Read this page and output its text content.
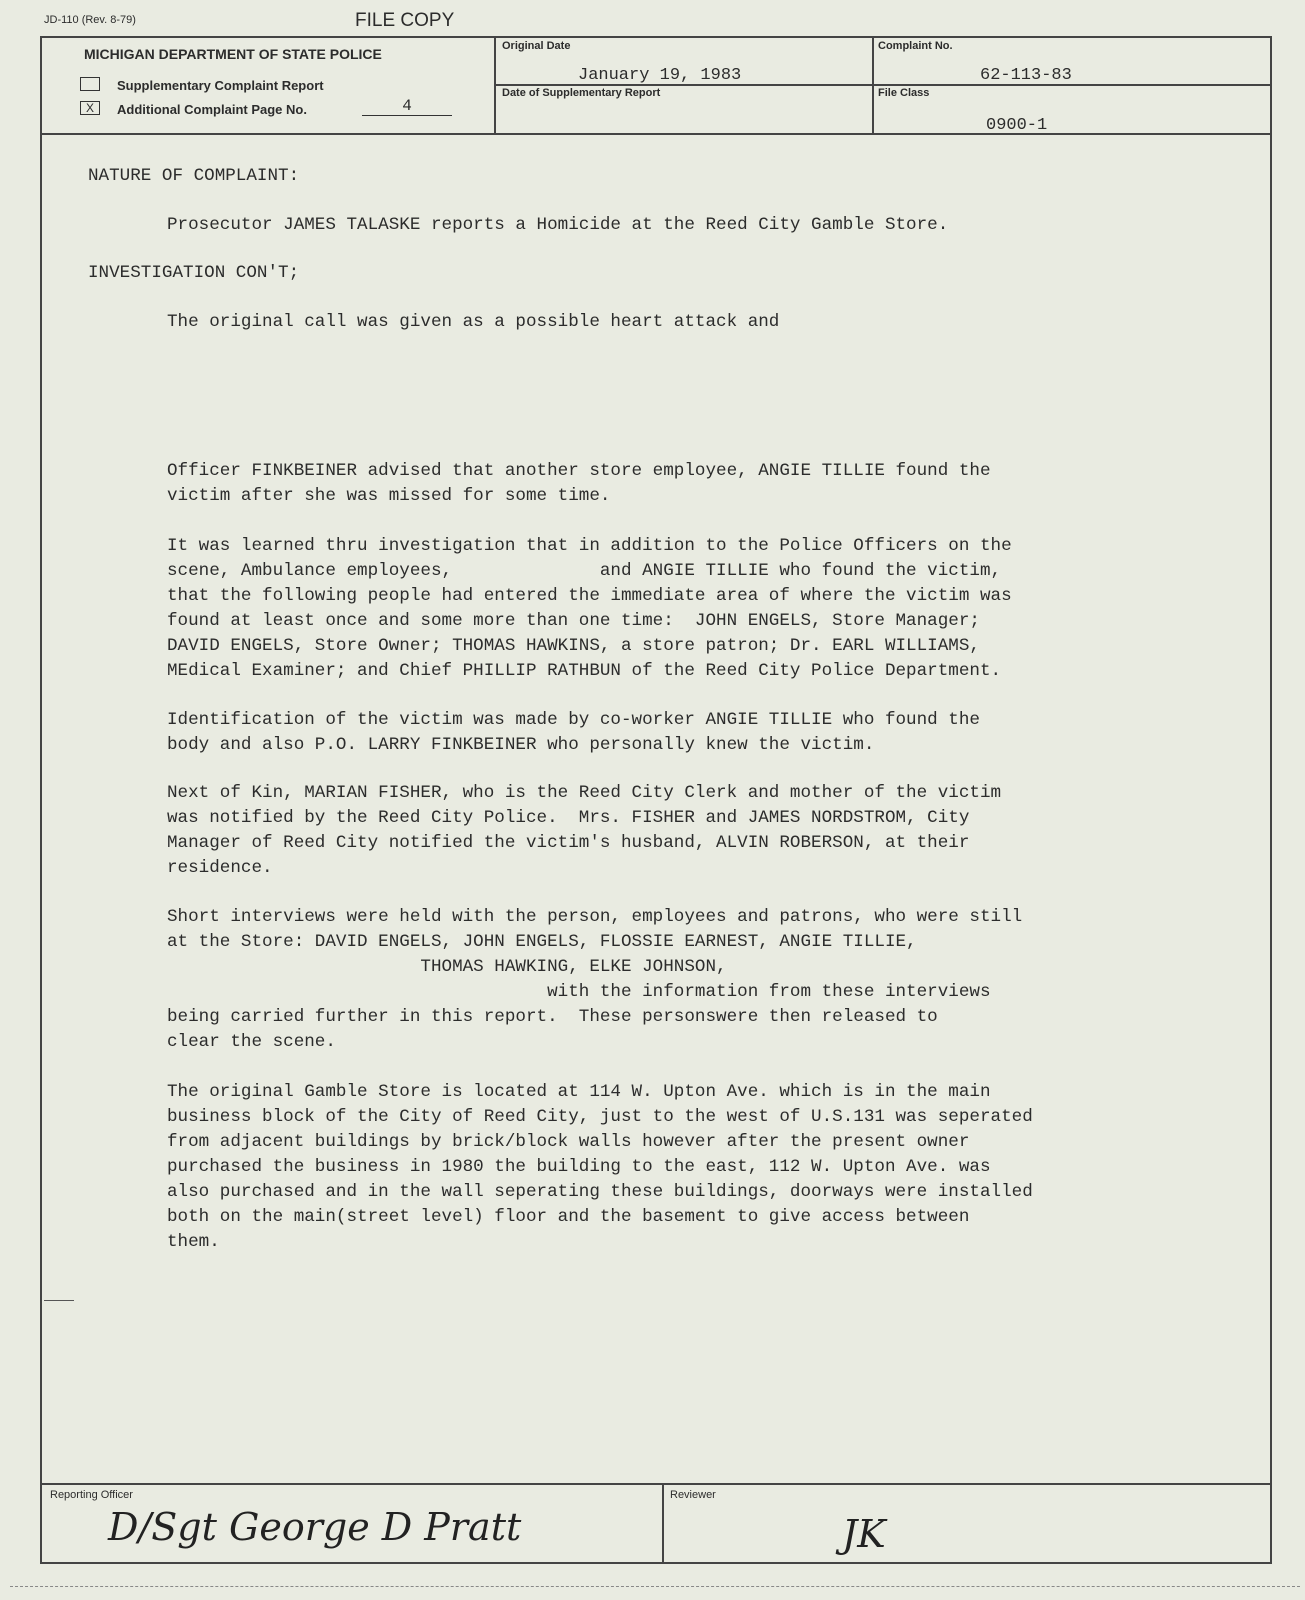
JD-110 (Rev. 8-79)	FILE COPY
MICHIGAN DEPARTMENT OF STATE POLICE
Supplementary Complaint Report
X	Additional Complaint Page No.	4
Original Date
January 19, 1983
Date of Supplementary Report
Complaint No.
62-113-83
File Class
0900-1
NATURE OF COMPLAINT:
Prosecutor JAMES TALASKE reports a Homicide at the Reed City Gamble Store.
INVESTIGATION CON'T;
The original call was given as a possible heart attack and
Officer FINKBEINER advised that another store employee, ANGIE TILLIE found the
victim after she was missed for some time.
It was learned thru investigation that in addition to the Police Officers on the
scene, Ambulance employees,              and ANGIE TILLIE who found the victim,
that the following people had entered the immediate area of where the victim was
found at least once and some more than one time:  JOHN ENGELS, Store Manager;
DAVID ENGELS, Store Owner; THOMAS HAWKINS, a store patron; Dr. EARL WILLIAMS,
MEdical Examiner; and Chief PHILLIP RATHBUN of the Reed City Police Department.
Identification of the victim was made by co-worker ANGIE TILLIE who found the
body and also P.O. LARRY FINKBEINER who personally knew the victim.
Next of Kin, MARIAN FISHER, who is the Reed City Clerk and mother of the victim
was notified by the Reed City Police.  Mrs. FISHER and JAMES NORDSTROM, City
Manager of Reed City notified the victim's husband, ALVIN ROBERSON, at their
residence.
Short interviews were held with the person, employees and patrons, who were still
at the Store: DAVID ENGELS, JOHN ENGELS, FLOSSIE EARNEST, ANGIE TILLIE,
THOMAS HAWKING, ELKE JOHNSON,
with the information from these interviews
being carried further in this report.  These personswere then released to
clear the scene.
The original Gamble Store is located at 114 W. Upton Ave. which is in the main
business block of the City of Reed City, just to the west of U.S.131 was seperated
from adjacent buildings by brick/block walls however after the present owner
purchased the business in 1980 the building to the east, 112 W. Upton Ave. was
also purchased and in the wall seperating these buildings, doorways were installed
both on the main(street level) floor and the basement to give access between
them.
Reporting Officer
D/Sgt George D Pratt
Reviewer
JK
